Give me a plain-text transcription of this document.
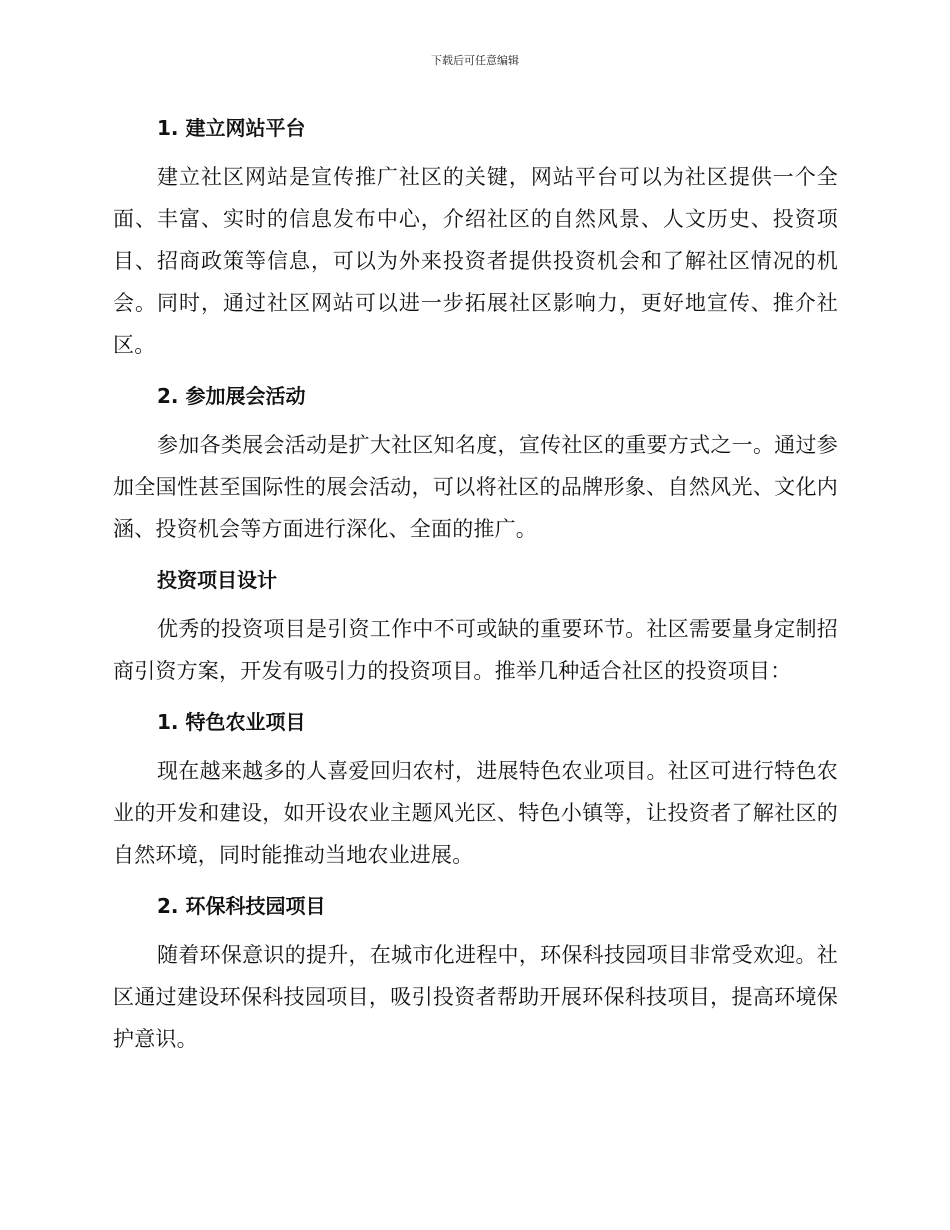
下载后可任意编辑
1. 建立网站平台

建立社区网站是宣传推广社区的关键，网站平台可以为社区提供一个全面、丰富、实时的信息发布中心，介绍社区的自然风景、人文历史、投资项目、招商政策等信息，可以为外来投资者提供投资机会和了解社区情况的机会。同时，通过社区网站可以进一步拓展社区影响力，更好地宣传、推介社区。

2. 参加展会活动

参加各类展会活动是扩大社区知名度，宣传社区的重要方式之一。通过参加全国性甚至国际性的展会活动，可以将社区的品牌形象、自然风光、文化内涵、投资机会等方面进行深化、全面的推广。

投资项目设计

优秀的投资项目是引资工作中不可或缺的重要环节。社区需要量身定制招商引资方案，开发有吸引力的投资项目。推举几种适合社区的投资项目：

1. 特色农业项目

现在越来越多的人喜爱回归农村，进展特色农业项目。社区可进行特色农业的开发和建设，如开设农业主题风光区、特色小镇等，让投资者了解社区的自然环境，同时能推动当地农业进展。

2. 环保科技园项目

随着环保意识的提升，在城市化进程中，环保科技园项目非常受欢迎。社区通过建设环保科技园项目，吸引投资者帮助开展环保科技项目，提高环境保护意识。
